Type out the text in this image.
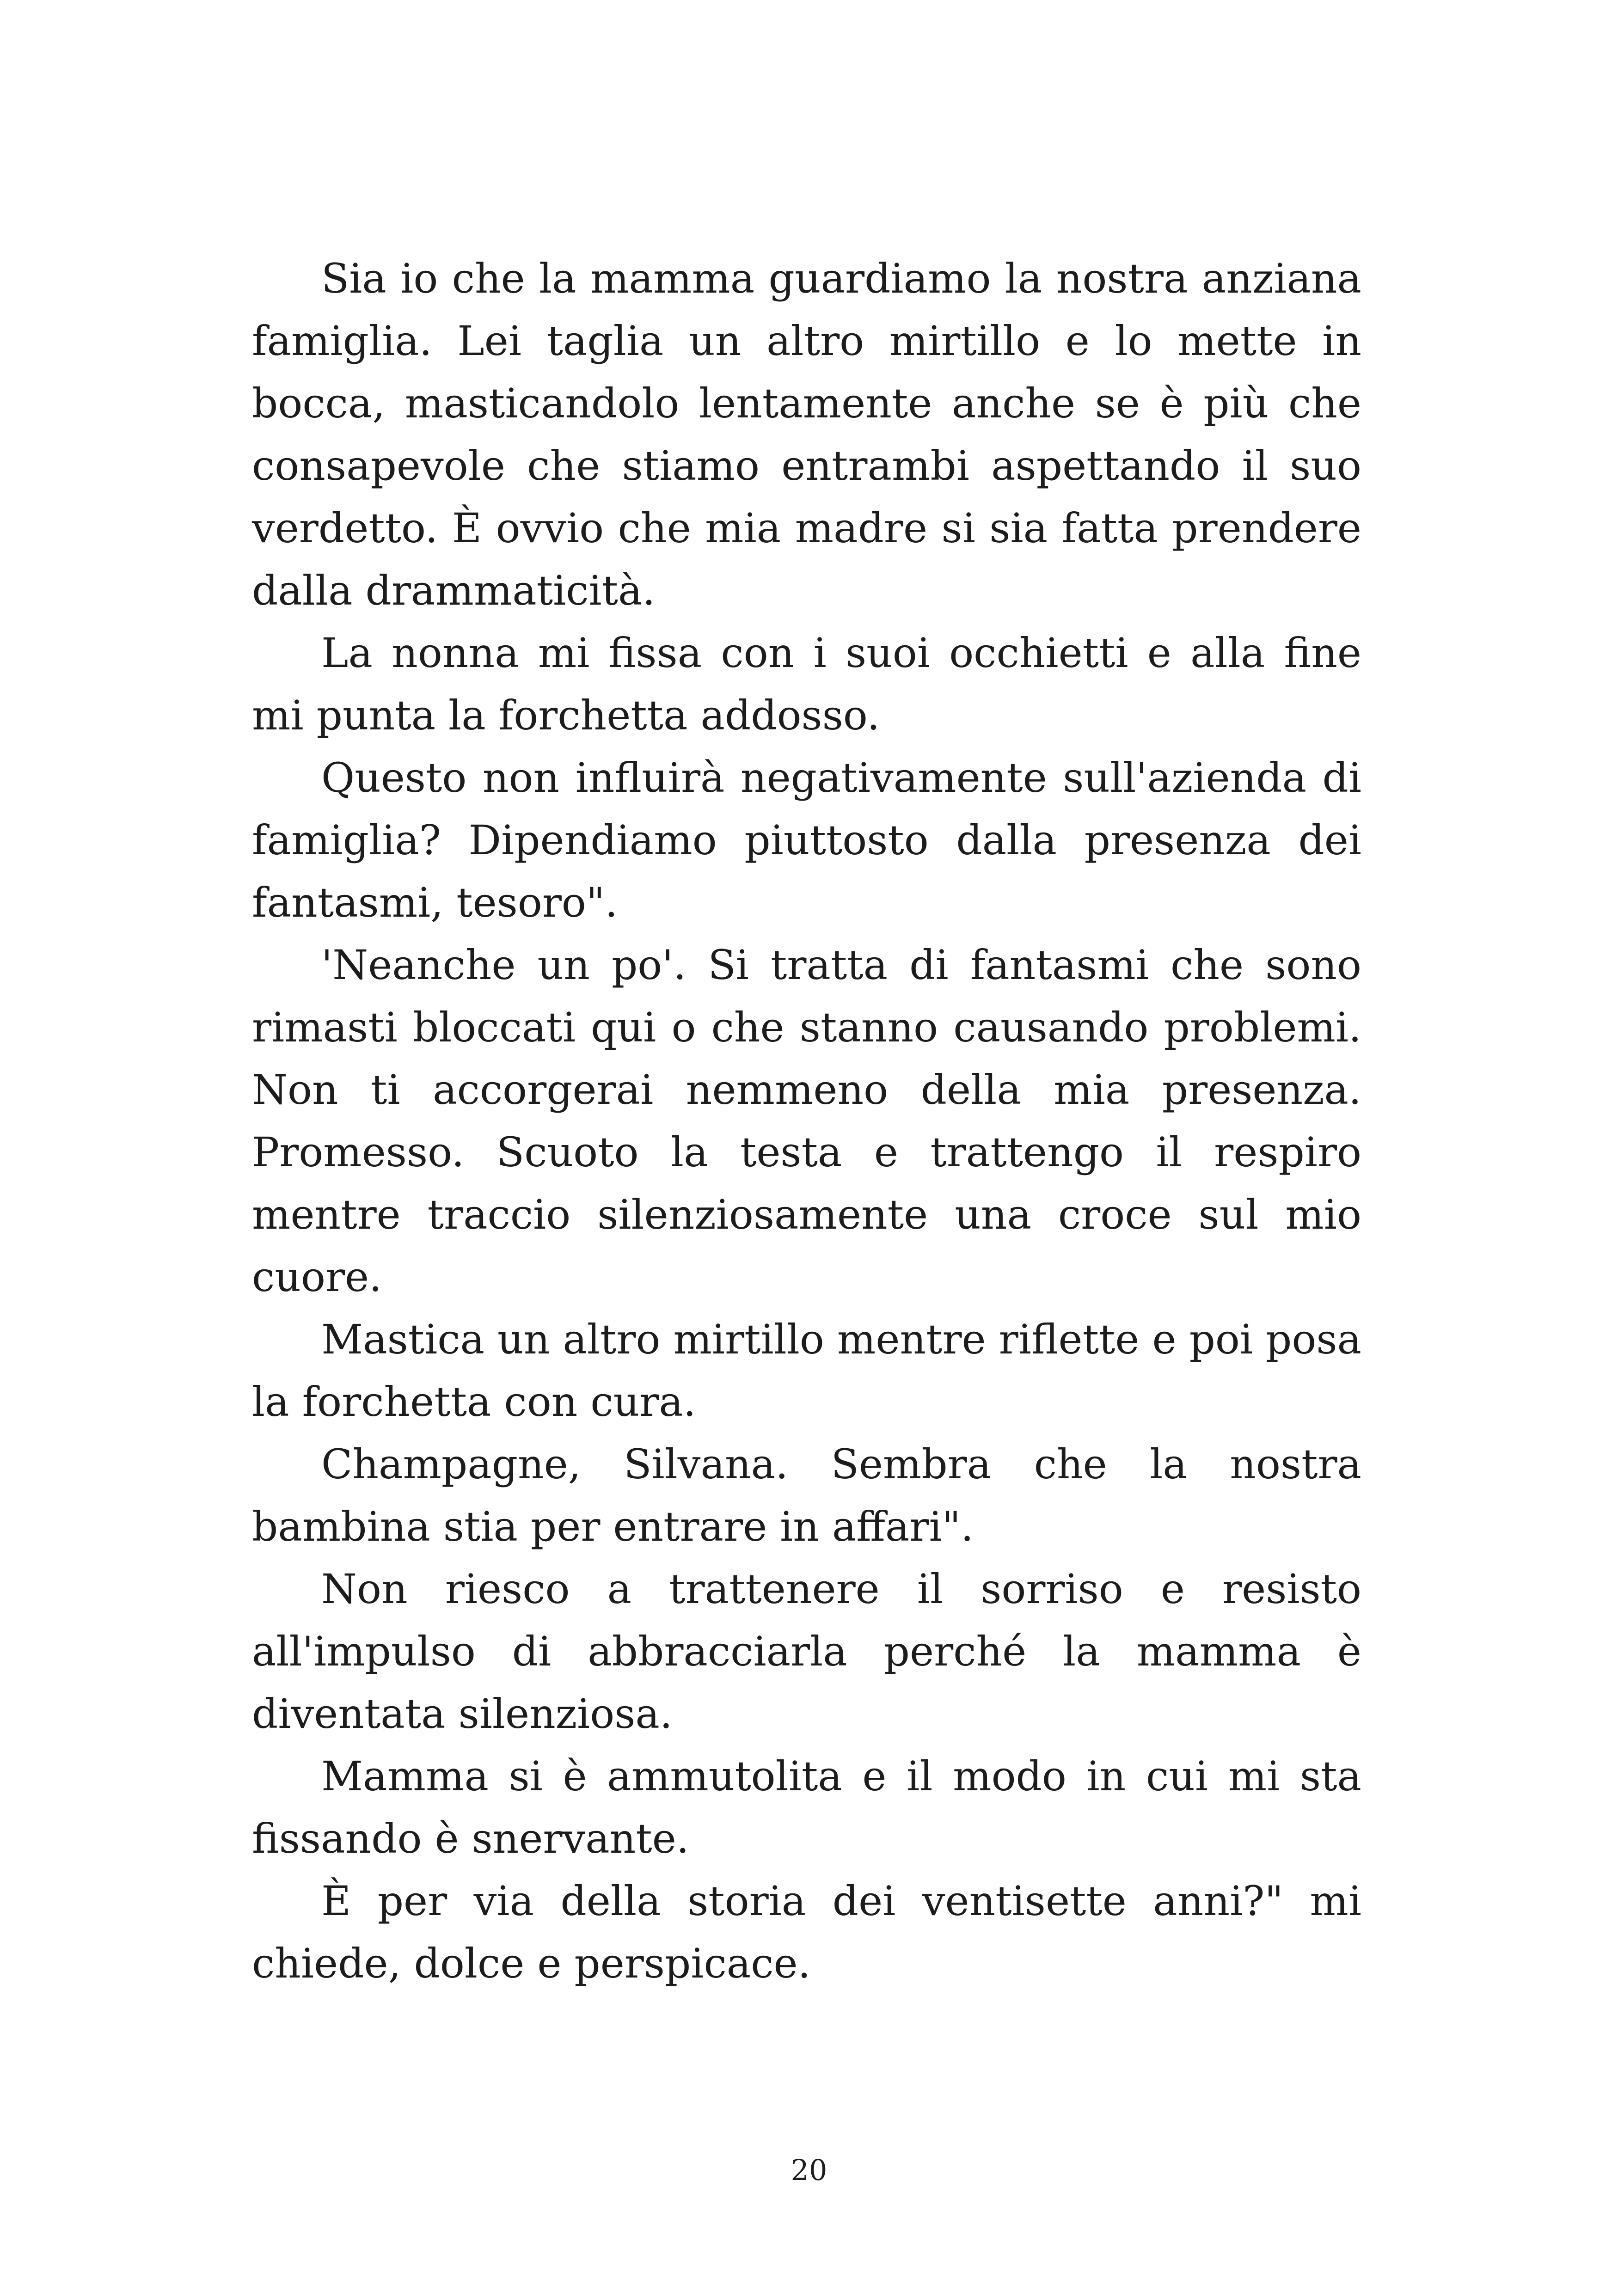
Sia io che la mamma guardiamo la nostra anziana famiglia. Lei taglia un altro mirtillo e lo mette in bocca, masticandolo lentamente anche se è più che consapevole che stiamo entrambi aspettando il suo verdetto. È ovvio che mia madre si sia fatta prendere dalla drammaticità.

La nonna mi fissa con i suoi occhietti e alla fine mi punta la forchetta addosso.

Questo non influirà negativamente sull'azienda di famiglia? Dipendiamo piuttosto dalla presenza dei fantasmi, tesoro".

'Neanche un po'. Si tratta di fantasmi che sono rimasti bloccati qui o che stanno causando problemi. Non ti accorgerai nemmeno della mia presenza. Promesso. Scuoto la testa e trattengo il respiro mentre traccio silenziosamente una croce sul mio cuore.

Mastica un altro mirtillo mentre riflette e poi posa la forchetta con cura.

Champagne, Silvana. Sembra che la nostra bambina stia per entrare in affari".

Non riesco a trattenere il sorriso e resisto all'impulso di abbracciarla perché la mamma è diventata silenziosa.

Mamma si è ammutolita e il modo in cui mi sta fissando è snervante.

È per via della storia dei ventisette anni?" mi chiede, dolce e perspicace.

20
